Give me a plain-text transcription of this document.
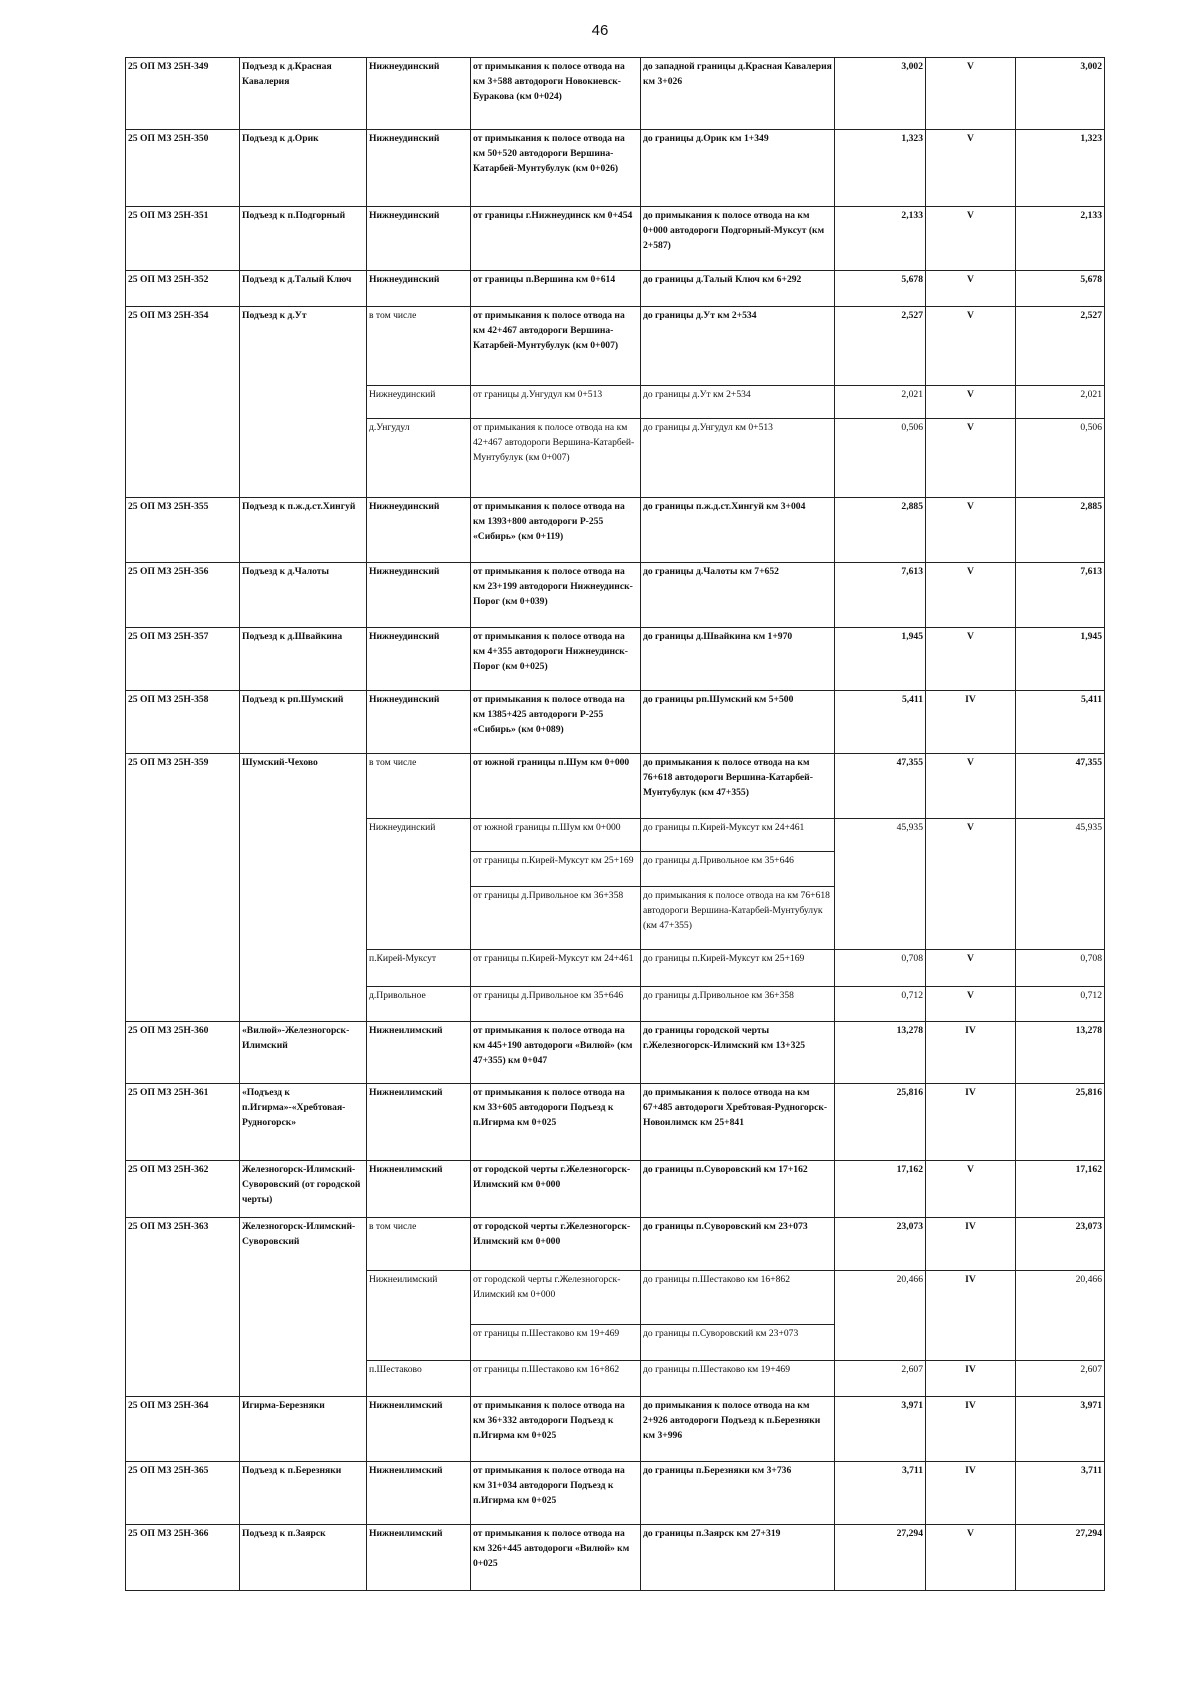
46
25 ОП МЗ 25Н-349	Подъезд к д.Красная Кавалерия	Нижнеудинский	от примыкания к полосе отвода на км 3+588 автодороги Новокиевск-Буракова (км 0+024)	до западной границы д.Красная Кавалерия км 3+026	3,002	V	3,002
25 ОП МЗ 25Н-350	Подъезд к д.Орик	Нижнеудинский	от примыкания к полосе отвода на км 50+520 автодороги Вершина-Катарбей-Мунтубулук (км 0+026)	до границы д.Орик км 1+349	1,323	V	1,323
25 ОП МЗ 25Н-351	Подъезд к п.Подгорный	Нижнеудинский	от границы г.Нижнеудинск км 0+454	до примыкания к полосе отвода на км 0+000 автодороги Подгорный-Муксут (км 2+587)	2,133	V	2,133
25 ОП МЗ 25Н-352	Подъезд к д.Талый Ключ	Нижнеудинский	от границы п.Вершина км 0+614	до границы д.Талый Ключ км 6+292	5,678	V	5,678
25 ОП МЗ 25Н-354	Подъезд к д.Ут	в том числе	от примыкания к полосе отвода на км 42+467 автодороги Вершина-Катарбей-Мунтубулук (км 0+007)	до границы д.Ут км 2+534	2,527	V	2,527
		Нижнеудинский	от границы д.Унгудул км 0+513	до границы д.Ут км 2+534	2,021	V	2,021
		д.Унгудул	от примыкания к полосе отвода на км 42+467 автодороги Вершина-Катарбей-Мунтубулук (км 0+007)	до границы д.Унгудул км 0+513	0,506	V	0,506
25 ОП МЗ 25Н-355	Подъезд к п.ж.д.ст.Хингуй	Нижнеудинский	от примыкания к полосе отвода на км 1393+800 автодороги Р-255 «Сибирь» (км 0+119)	до границы п.ж.д.ст.Хингуй км 3+004	2,885	V	2,885
25 ОП МЗ 25Н-356	Подъезд к д.Чалоты	Нижнеудинский	от примыкания к полосе отвода на км 23+199 автодороги Нижнеудинск-Порог (км 0+039)	до границы д.Чалоты км 7+652	7,613	V	7,613
25 ОП МЗ 25Н-357	Подъезд к д.Швайкина	Нижнеудинский	от примыкания к полосе отвода на км 4+355 автодороги Нижнеудинск-Порог (км 0+025)	до границы д.Швайкина км 1+970	1,945	V	1,945
25 ОП МЗ 25Н-358	Подъезд к рп.Шумский	Нижнеудинский	от примыкания к полосе отвода на км 1385+425 автодороги Р-255 «Сибирь» (км 0+089)	до границы рп.Шумский км 5+500	5,411	IV	5,411
25 ОП МЗ 25Н-359	Шумский-Чехово	в том числе	от южной границы п.Шум км 0+000	до примыкания к полосе отвода на км 76+618 автодороги Вершина-Катарбей-Мунтубулук (км 47+355)	47,355	V	47,355
		Нижнеудинский	от южной границы п.Шум км 0+000	до границы п.Кирей-Муксут км 24+461	45,935	V	45,935
			от границы п.Кирей-Муксут км 25+169	до границы д.Привольное км 35+646			
			от границы д.Привольное км 36+358	до примыкания к полосе отвода на км 76+618 автодороги Вершина-Катарбей-Мунтубулук (км 47+355)			
		п.Кирей-Муксут	от границы п.Кирей-Муксут км 24+461	до границы п.Кирей-Муксут км 25+169	0,708	V	0,708
		д.Привольное	от границы д.Привольное км 35+646	до границы д.Привольное км 36+358	0,712	V	0,712
25 ОП МЗ 25Н-360	«Вилюй»-Железногорск-Илимский	Нижнеилимский	от примыкания к полосе отвода на км 445+190 автодороги «Вилюй» (км 47+355) км 0+047	до границы городской черты г.Железногорск-Илимский км 13+325	13,278	IV	13,278
25 ОП МЗ 25Н-361	«Подъезд к п.Игирма»-«Хребтовая-Рудногорск»	Нижнеилимский	от примыкания к полосе отвода на км 33+605 автодороги Подъезд к п.Игирма км 0+025	до примыкания к полосе отвода на км 67+485 автодороги Хребтовая-Рудногорск-Новоилимск км 25+841	25,816	IV	25,816
25 ОП МЗ 25Н-362	Железногорск-Илимский-Суворовский (от городской черты)	Нижнеилимский	от городской черты г.Железногорск-Илимский км 0+000	до границы п.Суворовский км 17+162	17,162	V	17,162
25 ОП МЗ 25Н-363	Железногорск-Илимский-Суворовский	в том числе	от городской черты г.Железногорск-Илимский км 0+000	до границы п.Суворовский км 23+073	23,073	IV	23,073
		Нижнеилимский	от городской черты г.Железногорск-Илимский км 0+000	до границы п.Шестаково км 16+862	20,466	IV	20,466
			от границы п.Шестаково км 19+469	до границы п.Суворовский км 23+073			
		п.Шестаково	от границы п.Шестаково км 16+862	до границы п.Шестаково км 19+469	2,607	IV	2,607
25 ОП МЗ 25Н-364	Игирма-Березняки	Нижнеилимский	от примыкания к полосе отвода на км 36+332 автодороги Подъезд к п.Игирма км 0+025	до примыкания к полосе отвода на км 2+926 автодороги Подъезд к п.Березняки км 3+996	3,971	IV	3,971
25 ОП МЗ 25Н-365	Подъезд к п.Березняки	Нижнеилимский	от примыкания к полосе отвода на км 31+034 автодороги Подъезд к п.Игирма км 0+025	до границы п.Березняки км 3+736	3,711	IV	3,711
25 ОП МЗ 25Н-366	Подъезд к п.Заярск	Нижнеилимский	от примыкания к полосе отвода на км 326+445 автодороги «Вилюй» км 0+025	до границы п.Заярск км 27+319	27,294	V	27,294
